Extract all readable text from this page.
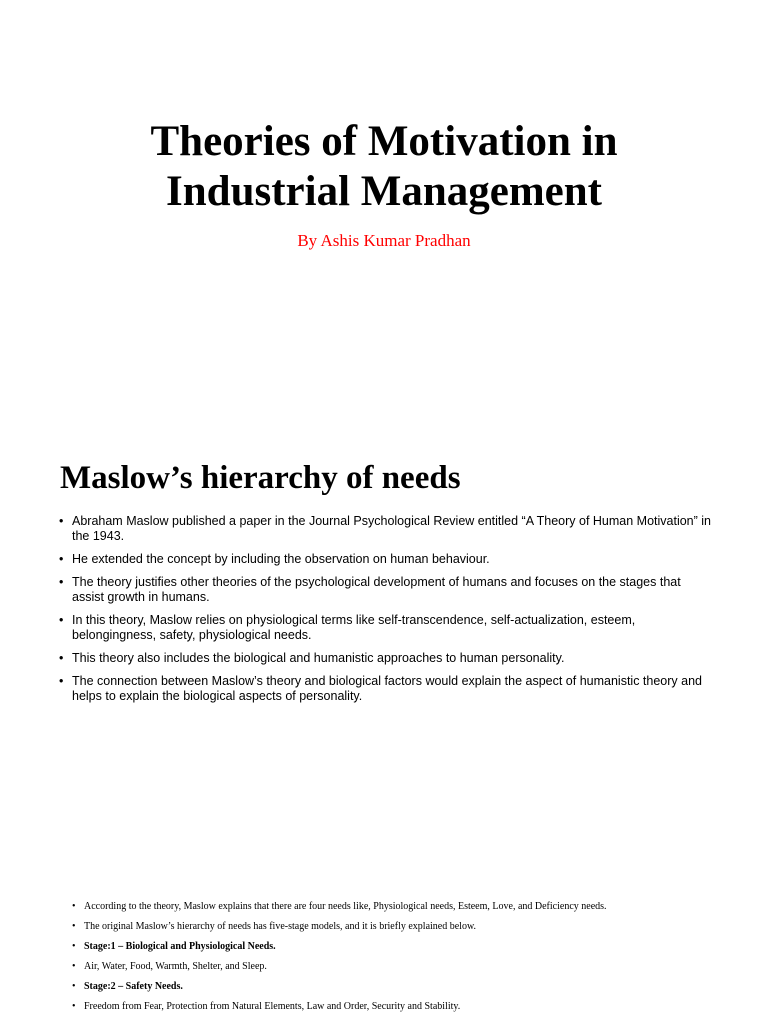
Theories of Motivation in Industrial Management

By Ashis Kumar Pradhan

Maslow’s hierarchy of needs
• Abraham Maslow published a paper in the Journal Psychological Review entitled “A Theory of Human Motivation” in the 1943.
• He extended the concept by including the observation on human behaviour.
• The theory justifies other theories of the psychological development of humans and focuses on the stages that assist growth in humans.
• In this theory, Maslow relies on physiological terms like self-transcendence, self-actualization, esteem, belongingness, safety, physiological needs.
• This theory also includes the biological and humanistic approaches to human personality.
• The connection between Maslow’s theory and biological factors would explain the aspect of humanistic theory and helps to explain the biological aspects of personality.
• According to the theory, Maslow explains that there are four needs like, Physiological needs, Esteem, Love, and Deficiency needs.
• The original Maslow’s hierarchy of needs has five-stage models, and it is briefly explained below.
• Stage:1 – Biological and Physiological Needs.
• Air, Water, Food, Warmth, Shelter, and Sleep.
• Stage:2 – Safety Needs.
• Freedom from Fear, Protection from Natural Elements, Law and Order, Security and Stability.
